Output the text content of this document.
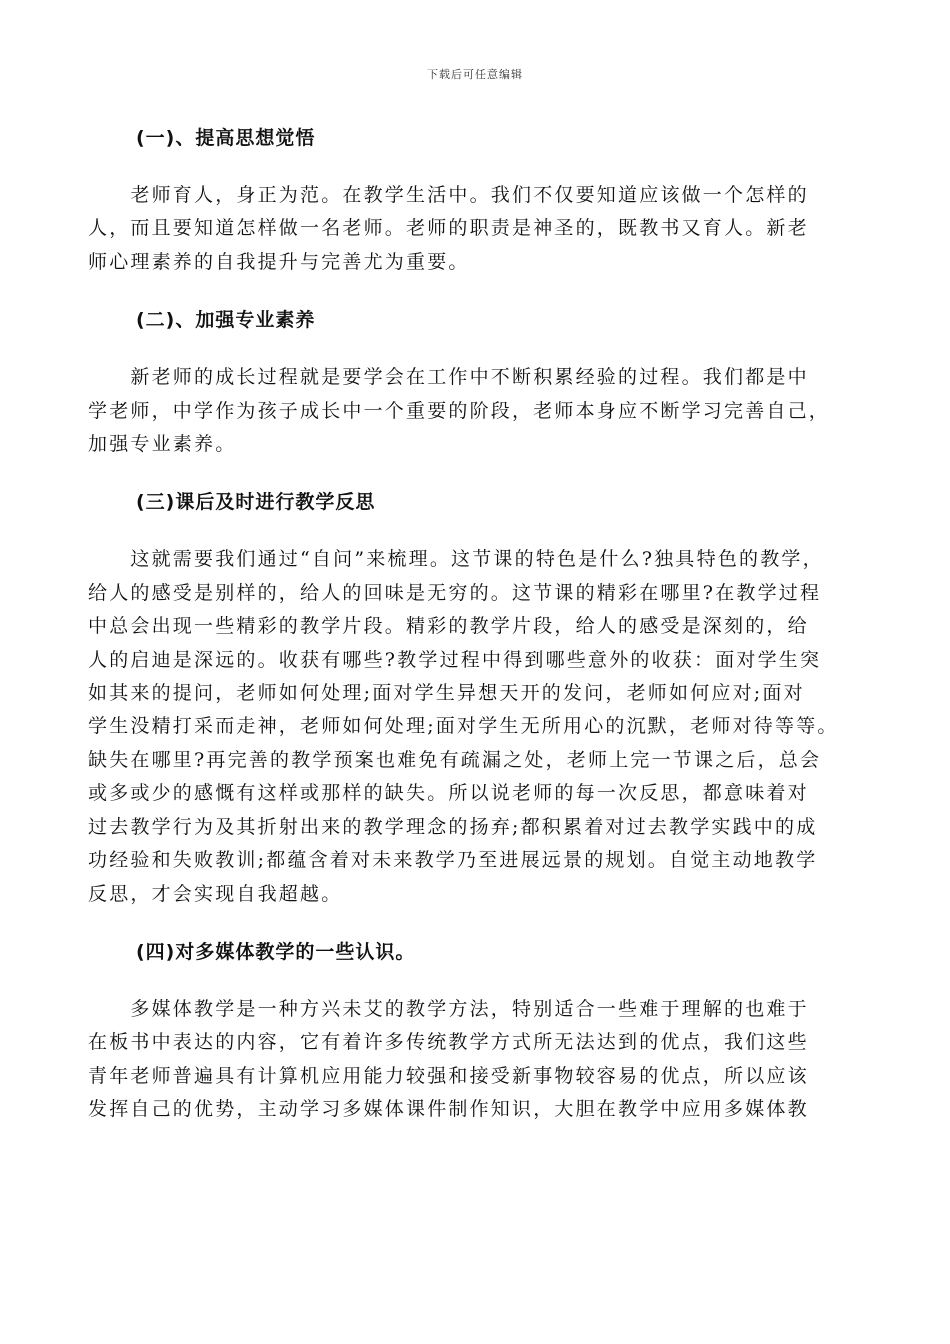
下载后可任意编辑
(一)、提高思想觉悟
　　老师育人，身正为范。在教学生活中。我们不仅要知道应该做一个怎样的
人，而且要知道怎样做一名老师。老师的职责是神圣的，既教书又育人。新老
师心理素养的自我提升与完善尤为重要。
(二)、加强专业素养
　　新老师的成长过程就是要学会在工作中不断积累经验的过程。我们都是中
学老师，中学作为孩子成长中一个重要的阶段，老师本身应不断学习完善自己，
加强专业素养。
(三)课后及时进行教学反思
　　这就需要我们通过“自问”来梳理。这节课的特色是什么?独具特色的教学，
给人的感受是别样的，给人的回味是无穷的。这节课的精彩在哪里?在教学过程
中总会出现一些精彩的教学片段。精彩的教学片段，给人的感受是深刻的，给
人的启迪是深远的。收获有哪些?教学过程中得到哪些意外的收获：面对学生突
如其来的提问，老师如何处理;面对学生异想天开的发问，老师如何应对;面对
学生没精打采而走神，老师如何处理;面对学生无所用心的沉默，老师对待等等。
缺失在哪里?再完善的教学预案也难免有疏漏之处，老师上完一节课之后，总会
或多或少的感慨有这样或那样的缺失。所以说老师的每一次反思，都意味着对
过去教学行为及其折射出来的教学理念的扬弃;都积累着对过去教学实践中的成
功经验和失败教训;都蕴含着对未来教学乃至进展远景的规划。自觉主动地教学
反思，才会实现自我超越。
(四)对多媒体教学的一些认识。
　　多媒体教学是一种方兴未艾的教学方法，特别适合一些难于理解的也难于
在板书中表达的内容，它有着许多传统教学方式所无法达到的优点，我们这些
青年老师普遍具有计算机应用能力较强和接受新事物较容易的优点，所以应该
发挥自己的优势，主动学习多媒体课件制作知识，大胆在教学中应用多媒体教
